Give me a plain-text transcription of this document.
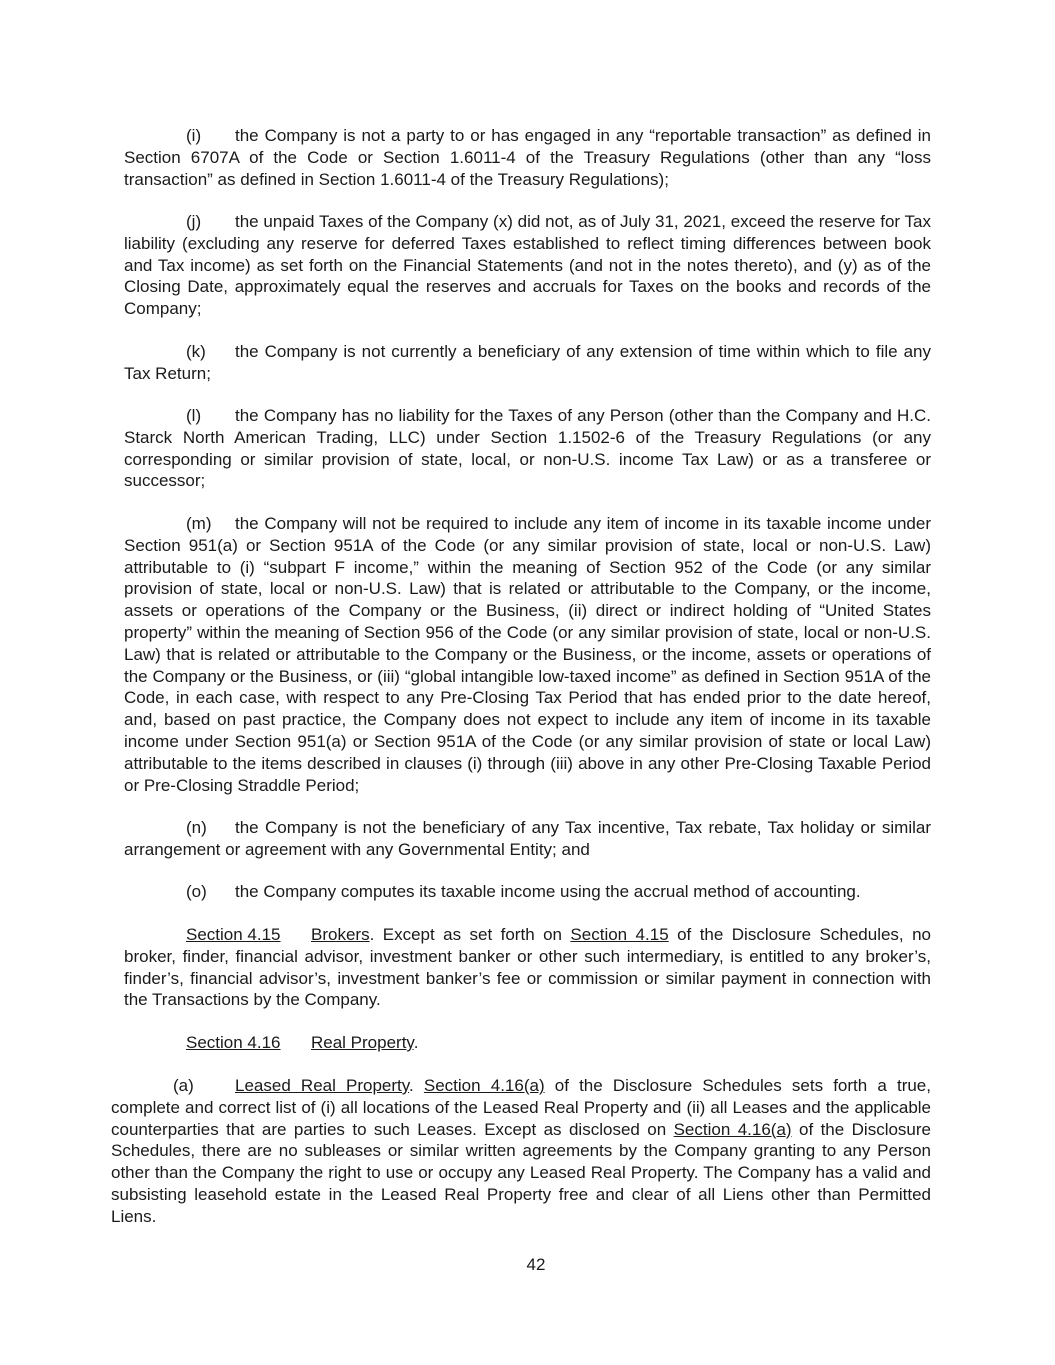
(i) the Company is not a party to or has engaged in any “reportable transaction” as defined in Section 6707A of the Code or Section 1.6011-4 of the Treasury Regulations (other than any “loss transaction” as defined in Section 1.6011-4 of the Treasury Regulations);

(j) the unpaid Taxes of the Company (x) did not, as of July 31, 2021, exceed the reserve for Tax liability (excluding any reserve for deferred Taxes established to reflect timing differences between book and Tax income) as set forth on the Financial Statements (and not in the notes thereto), and (y) as of the Closing Date, approximately equal the reserves and accruals for Taxes on the books and records of the Company;

(k) the Company is not currently a beneficiary of any extension of time within which to file any Tax Return;

(l) the Company has no liability for the Taxes of any Person (other than the Company and H.C. Starck North American Trading, LLC) under Section 1.1502-6 of the Treasury Regulations (or any corresponding or similar provision of state, local, or non-U.S. income Tax Law) or as a transferee or successor;

(m) the Company will not be required to include any item of income in its taxable income under Section 951(a) or Section 951A of the Code (or any similar provision of state, local or non-U.S. Law) attributable to (i) “subpart F income,” within the meaning of Section 952 of the Code (or any similar provision of state, local or non-U.S. Law) that is related or attributable to the Company, or the income, assets or operations of the Company or the Business, (ii) direct or indirect holding of “United States property” within the meaning of Section 956 of the Code (or any similar provision of state, local or non-U.S. Law) that is related or attributable to the Company or the Business, or the income, assets or operations of the Company or the Business, or (iii) “global intangible low-taxed income” as defined in Section 951A of the Code, in each case, with respect to any Pre-Closing Tax Period that has ended prior to the date hereof, and, based on past practice, the Company does not expect to include any item of income in its taxable income under Section 951(a) or Section 951A of the Code (or any similar provision of state or local Law) attributable to the items described in clauses (i) through (iii) above in any other Pre-Closing Taxable Period or Pre-Closing Straddle Period;

(n) the Company is not the beneficiary of any Tax incentive, Tax rebate, Tax holiday or similar arrangement or agreement with any Governmental Entity; and

(o) the Company computes its taxable income using the accrual method of accounting.

Section 4.15 Brokers. Except as set forth on Section 4.15 of the Disclosure Schedules, no broker, finder, financial advisor, investment banker or other such intermediary, is entitled to any broker’s, finder’s, financial advisor’s, investment banker’s fee or commission or similar payment in connection with the Transactions by the Company.

Section 4.16 Real Property.

(a) Leased Real Property. Section 4.16(a) of the Disclosure Schedules sets forth a true, complete and correct list of (i) all locations of the Leased Real Property and (ii) all Leases and the applicable counterparties that are parties to such Leases. Except as disclosed on Section 4.16(a) of the Disclosure Schedules, there are no subleases or similar written agreements by the Company granting to any Person other than the Company the right to use or occupy any Leased Real Property. The Company has a valid and subsisting leasehold estate in the Leased Real Property free and clear of all Liens other than Permitted Liens.

42
